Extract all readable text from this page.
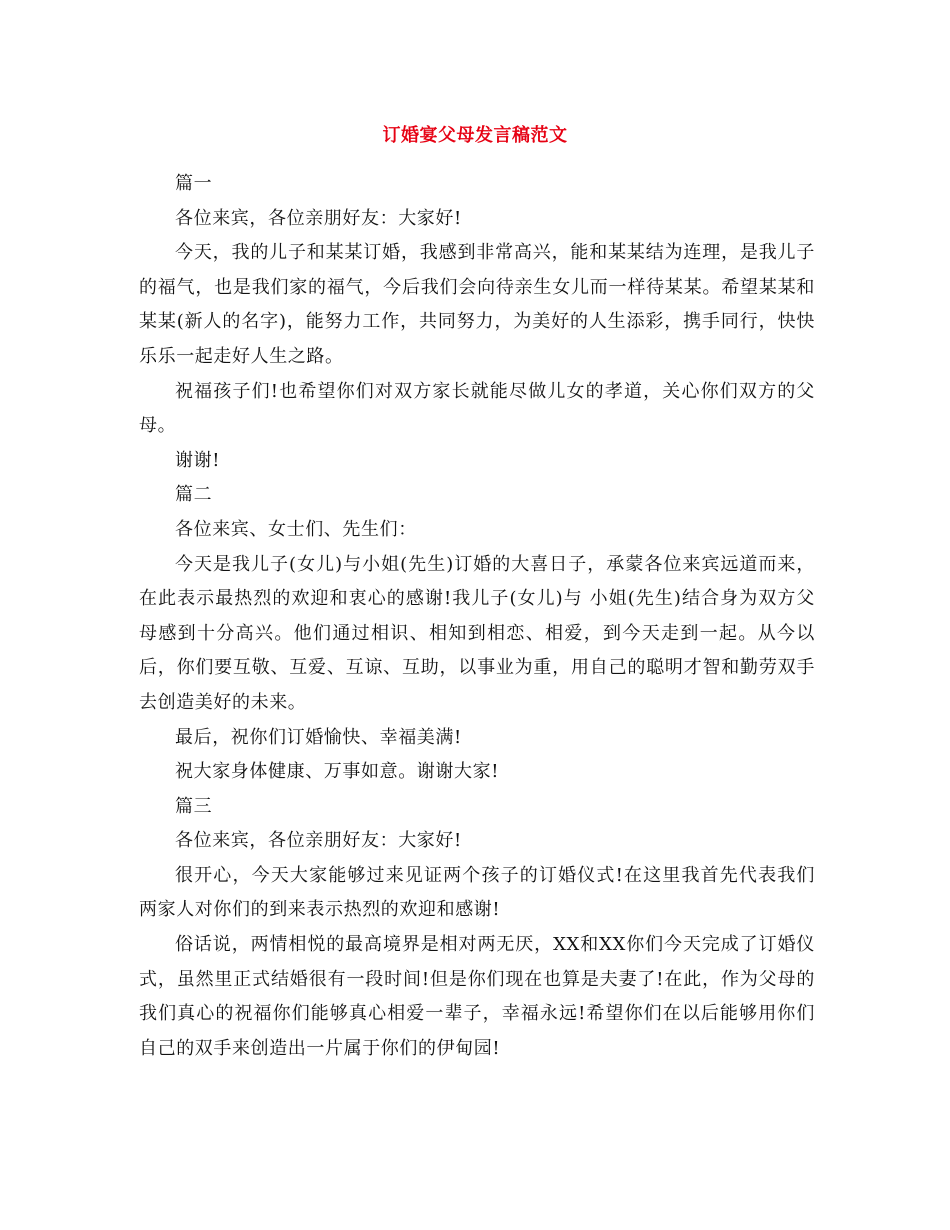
订婚宴父母发言稿范文

篇一

各位来宾，各位亲朋好友：大家好!

今天，我的儿子和某某订婚，我感到非常高兴，能和某某结为连理，是我儿子的福气，也是我们家的福气，今后我们会向待亲生女儿而一样待某某。希望某某和某某(新人的名字)，能努力工作，共同努力，为美好的人生添彩，携手同行，快快乐乐一起走好人生之路。

祝福孩子们!也希望你们对双方家长就能尽做儿女的孝道，关心你们双方的父母。

谢谢!

篇二

各位来宾、女士们、先生们：

今天是我儿子(女儿)与小姐(先生)订婚的大喜日子，承蒙各位来宾远道而来，在此表示最热烈的欢迎和衷心的感谢!我儿子(女儿)与 小姐(先生)结合身为双方父母感到十分高兴。他们通过相识、相知到相恋、相爱，到今天走到一起。从今以后，你们要互敬、互爱、互谅、互助，以事业为重，用自己的聪明才智和勤劳双手去创造美好的未来。

最后，祝你们订婚愉快、幸福美满!

祝大家身体健康、万事如意。谢谢大家!

篇三

各位来宾，各位亲朋好友：大家好!

很开心，今天大家能够过来见证两个孩子的订婚仪式!在这里我首先代表我们两家人对你们的到来表示热烈的欢迎和感谢!

俗话说，两情相悦的最高境界是相对两无厌，XX和XX你们今天完成了订婚仪式，虽然里正式结婚很有一段时间!但是你们现在也算是夫妻了!在此，作为父母的我们真心的祝福你们能够真心相爱一辈子，幸福永远!希望你们在以后能够用你们自己的双手来创造出一片属于你们的伊甸园!
